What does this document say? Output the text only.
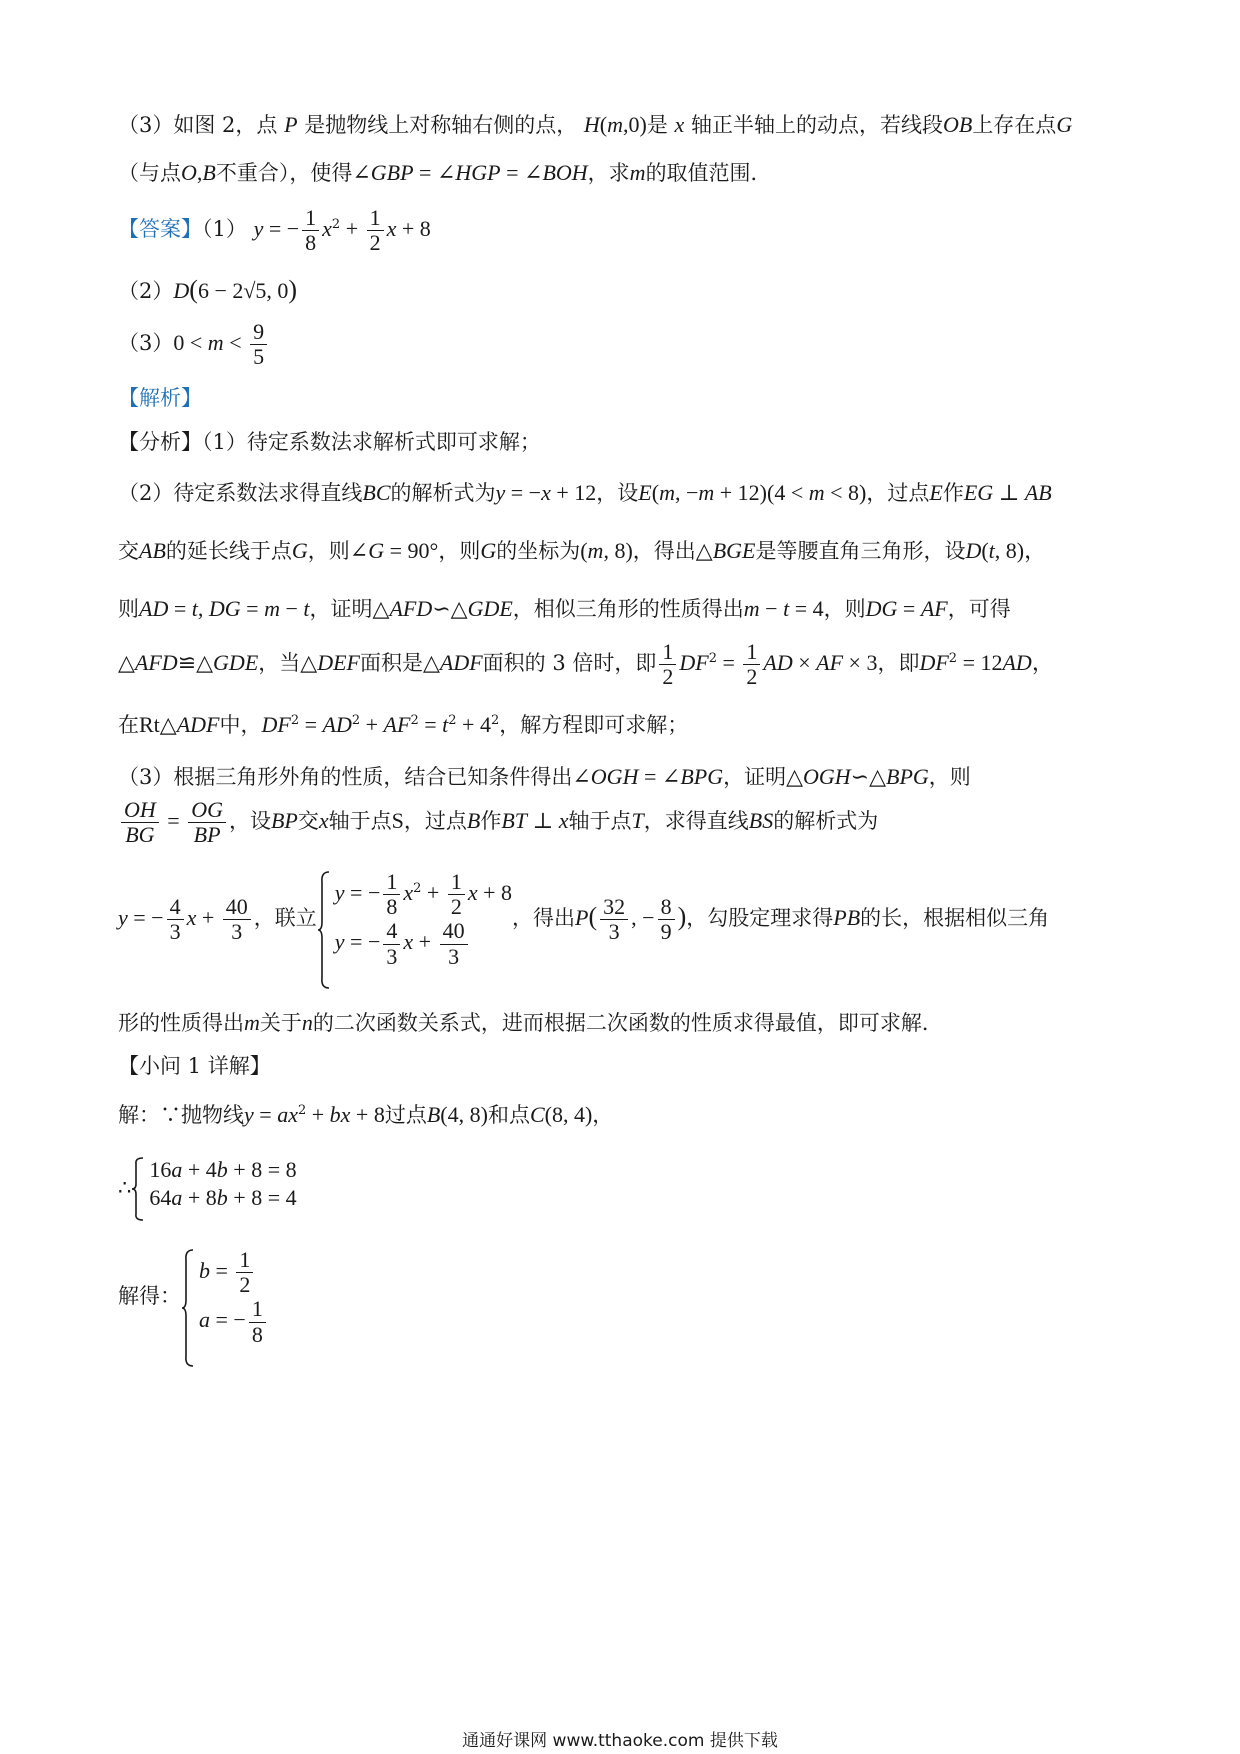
（3）如图 2，点 P 是抛物线上对称轴右侧的点， H(m,0)是 x 轴正半轴上的动点，若线段OB上存在点G
（与点O,B不重合），使得∠GBP = ∠HGP = ∠BOH，求m的取值范围．
【答案】（1） y = − $\frac{1}{8} x^2 + \frac{1}{2}$ x + 8
（2）D(6 − 2√5, 0)
$(3)0 < m < \frac{9}{5}$
【解析】
【分析】（1）待定系数法求解析式即可求解；
（2）待定系数法求得直线BC的解析式为y = −x + 12，设E(m, −m + 12)(4 < m < 8)，过点E作EG ⊥ AB
交AB的延长线于点G，则∠G = 90°，则G的坐标为(m, 8)，得出△BGE是等腰直角三角形，设D(t, 8)，
则AD = t, DG = m − t，证明△AFD∽△GDE，相似三角形的性质得出m − t = 4，则DG = AF，可得
△AFD≌△GDE，当△DEF面积是△ADF面积的 3 倍时，即 $\frac{1}{2} DF^2 = \frac{1}{2}$ AD × AF × 3，即$DF^2 = 12AD$，
在Rt△ADF中，$DF^2 = AD^2 + AF^2 = t^2 + 4^2$，解方程即可求解；
（3）根据三角形外角的性质，结合已知条件得出∠OGH = ∠BPG，证明△OGH∽△BPG，则
$\frac{OH}{BG} = \frac{OG}{BP}$ ，设BP交x轴于点S，过点B作BT ⊥ x轴于点T，求得直线BS的解析式为
y = − $\frac{4}{3}$ $x + \frac{40}{3}$ ，联立
y = − $\frac{1}{8} x^2 + \frac{1}{2}$ x + 8
y = − $\frac{4}{3}$ $x + \frac{40}{3}$
，得出$P( \frac{32}{3}$ , − $\frac{8}{9}$ )，勾股定理求得PB的长，根据相似三角
形的性质得出m关于n的二次函数关系式，进而根据二次函数的性质求得最值，即可求解．
【小问 1 详解】
解：∵抛物线$y = ax^2$ + bx + 8过点B(4, 8)和点C(8, 4)，
∴
16a + 4b + 8 = 8
64a + 8b + 8 = 4
解得：
$b = \frac{1}{2}$
a = − $\frac{1}{8}$
通通好课网 www.tthaoke.com 提供下载
